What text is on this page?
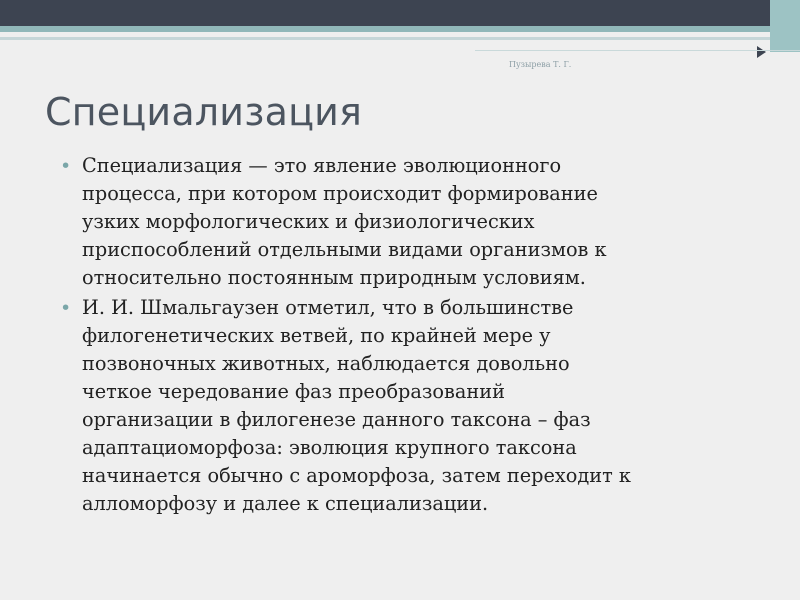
Пузырева Т. Г.
Специализация
• Специализация — это явление эволюционного
процесса, при котором происходит формирование
узких морфологических и физиологических
приспособлений отдельными видами организмов к
относительно постоянным природным условиям.
• И. И. Шмальгаузен отметил, что в большинстве
филогенетических ветвей, по крайней мере у
позвоночных животных, наблюдается довольно
четкое чередование фаз преобразований
организации в филогенезе данного таксона – фаз
адаптациоморфоза: эволюция крупного таксона
начинается обычно с ароморфоза, затем переходит к
алломорфозу и далее к специализации.
